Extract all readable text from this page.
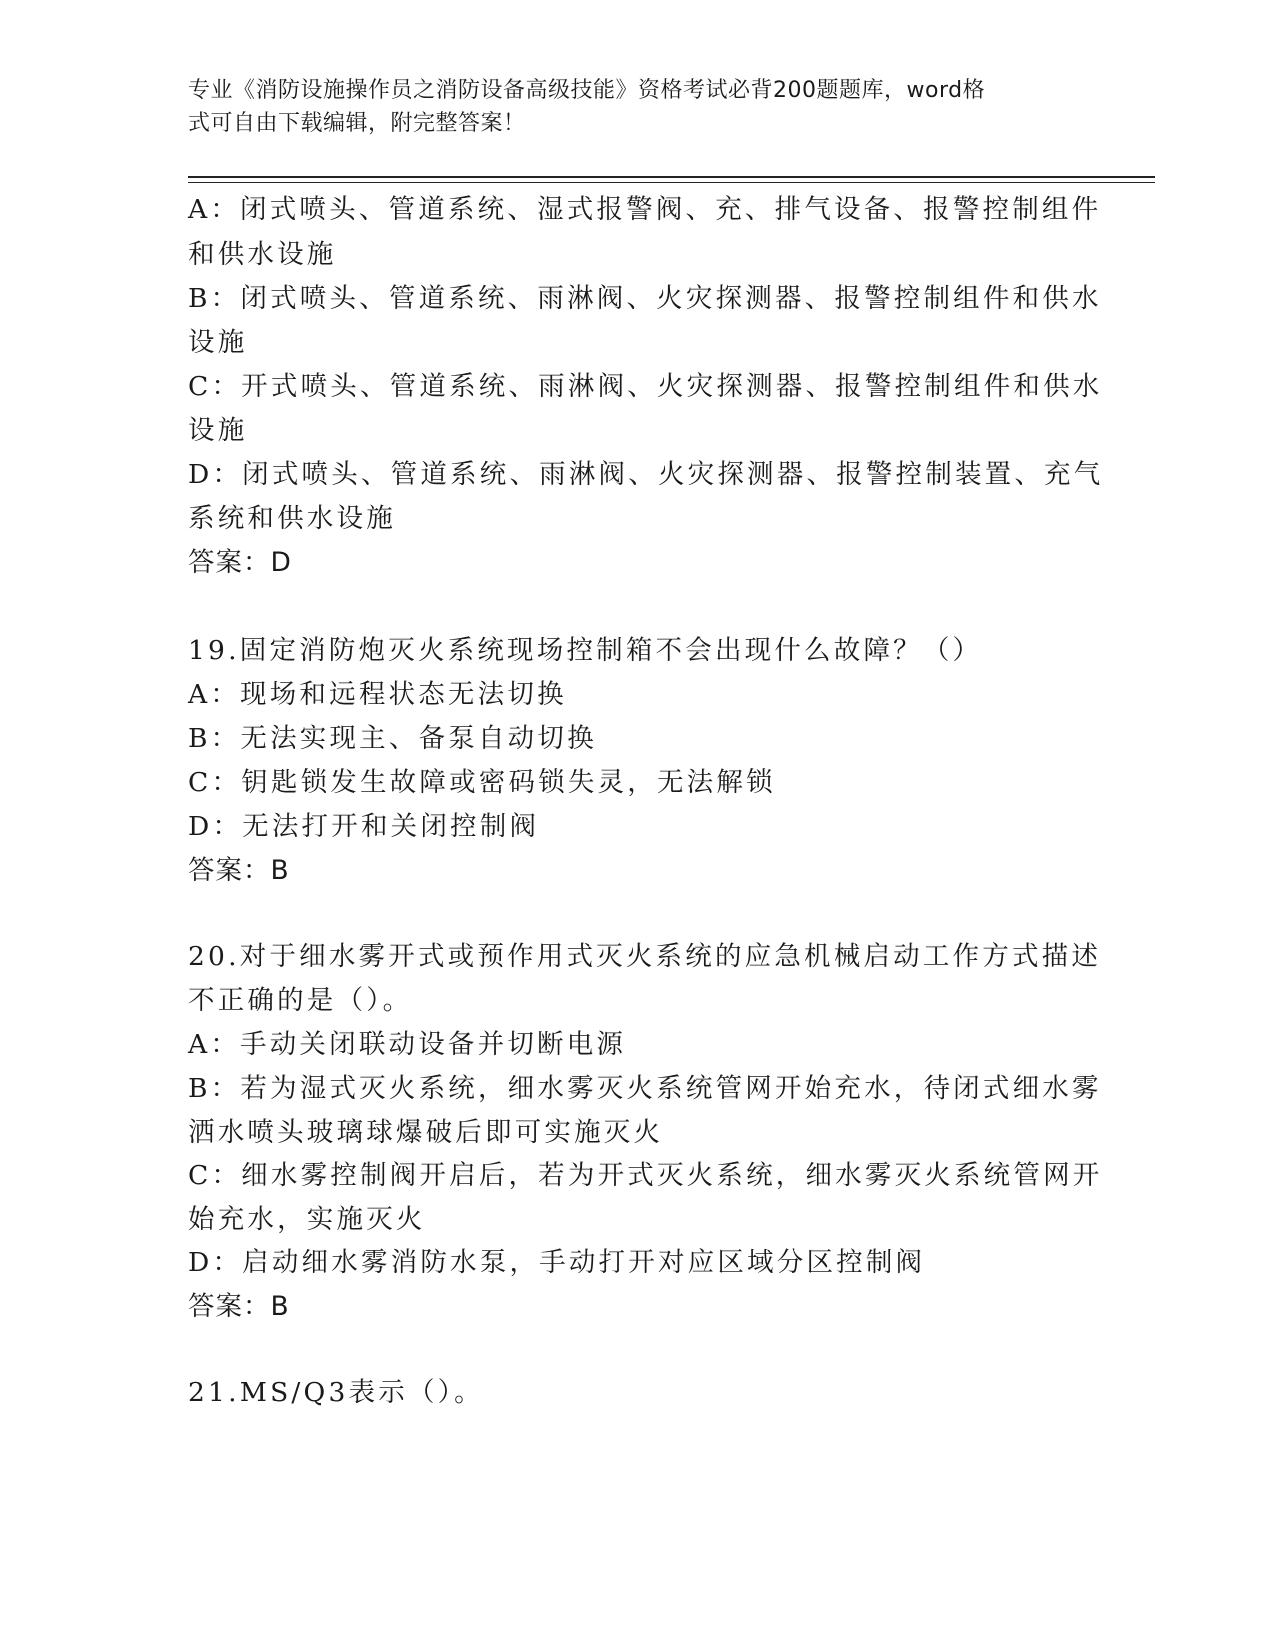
专业《消防设施操作员之消防设备高级技能》资格考试必背200题题库，word格
式可自由下载编辑，附完整答案！
A：闭式喷头、管道系统、湿式报警阀、充、排气设备、报警控制组件
和供水设施
B：闭式喷头、管道系统、雨淋阀、火灾探测器、报警控制组件和供水
设施
C：开式喷头、管道系统、雨淋阀、火灾探测器、报警控制组件和供水
设施
D：闭式喷头、管道系统、雨淋阀、火灾探测器、报警控制装置、充气
系统和供水设施
答案：D
19.固定消防炮灭火系统现场控制箱不会出现什么故障？（）
A：现场和远程状态无法切换
B：无法实现主、备泵自动切换
C：钥匙锁发生故障或密码锁失灵，无法解锁
D：无法打开和关闭控制阀
答案：B
20.对于细水雾开式或预作用式灭火系统的应急机械启动工作方式描述
不正确的是（）。
A：手动关闭联动设备并切断电源
B：若为湿式灭火系统，细水雾灭火系统管网开始充水，待闭式细水雾
洒水喷头玻璃球爆破后即可实施灭火
C：细水雾控制阀开启后，若为开式灭火系统，细水雾灭火系统管网开
始充水，实施灭火
D：启动细水雾消防水泵，手动打开对应区域分区控制阀
答案：B
21.MS/Q3表示（）。
